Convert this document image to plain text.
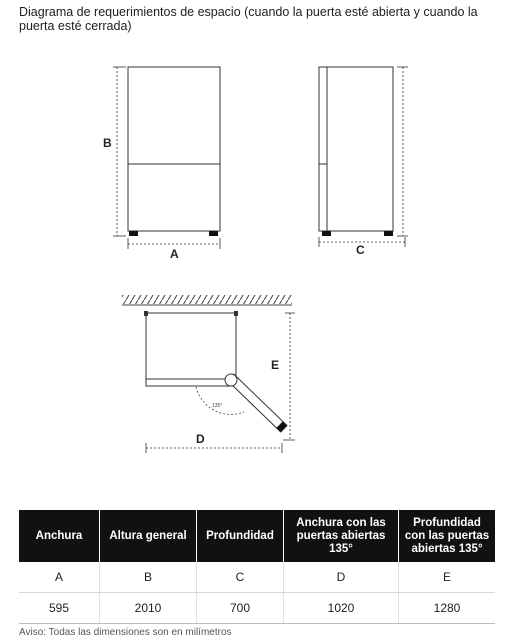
Diagrama de requerimientos de espacio (cuando la puerta esté abierta y cuando la puerta esté cerrada)
B
A	C
135°
E
D
Anchura	Altura general	Profundidad	Anchura con las puertas abiertas 135°	Profundidad con las puertas abiertas 135°
A	B	C	D	E
595	2010	700	1020	1280
Aviso: Todas las dimensiones son en milímetros
